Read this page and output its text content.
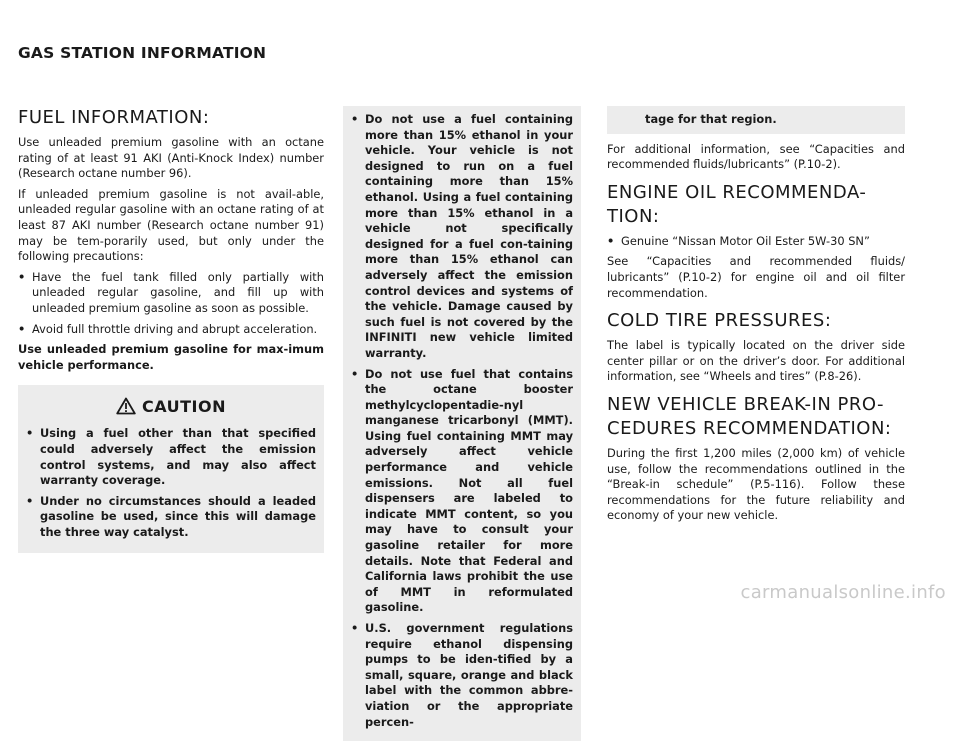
GAS STATION INFORMATION
FUEL INFORMATION:

Use unleaded premium gasoline with an octane rating of at least 91 AKI (Anti-Knock Index) number (Research octane number 96).

If unleaded premium gasoline is not avail-able, unleaded regular gasoline with an octane rating of at least 87 AKI number (Research octane number 91) may be tem-porarily used, but only under the following precautions:

• Have the fuel tank filled only partially with unleaded regular gasoline, and fill up with unleaded premium gasoline as soon as possible.
• Avoid full throttle driving and abrupt acceleration.

Use unleaded premium gasoline for max-imum vehicle performance.

CAUTION
• Using a fuel other than that specified could adversely affect the emission control systems, and may also affect warranty coverage.
• Under no circumstances should a leaded gasoline be used, since this will damage the three way catalyst.
• Do not use a fuel containing more than 15% ethanol in your vehicle. Your vehicle is not designed to run on a fuel containing more than 15% ethanol. Using a fuel containing more than 15% ethanol in a vehicle not specifically designed for a fuel con-taining more than 15% ethanol can adversely affect the emission control devices and systems of the vehicle. Damage caused by such fuel is not covered by the INFINITI new vehicle limited warranty.
• Do not use fuel that contains the octane booster methylcyclopentadie-nyl manganese tricarbonyl (MMT). Using fuel containing MMT may adversely affect vehicle performance and vehicle emissions. Not all fuel dispensers are labeled to indicate MMT content, so you may have to consult your gasoline retailer for more details. Note that Federal and California laws prohibit the use of MMT in reformulated gasoline.
• U.S. government regulations require ethanol dispensing pumps to be iden-tified by a small, square, orange and black label with the common abbre-viation or the appropriate percen-

tage for that region.

For additional information, see “Capacities and recommended fluids/lubricants” (P.10-2).

ENGINE OIL RECOMMENDA-
TION:
• Genuine “Nissan Motor Oil Ester 5W-30 SN”

See “Capacities and recommended fluids/ lubricants” (P.10-2) for engine oil and oil filter recommendation.

COLD TIRE PRESSURES:

The label is typically located on the driver side center pillar or on the driver’s door. For additional information, see “Wheels and tires” (P.8-26).

NEW VEHICLE BREAK-IN PRO-
CEDURES RECOMMENDATION:

During the first 1,200 miles (2,000 km) of vehicle use, follow the recommendations outlined in the “Break-in schedule” (P.5-116). Follow these recommendations for the future reliability and economy of your new vehicle.

carmanualsonline.info
